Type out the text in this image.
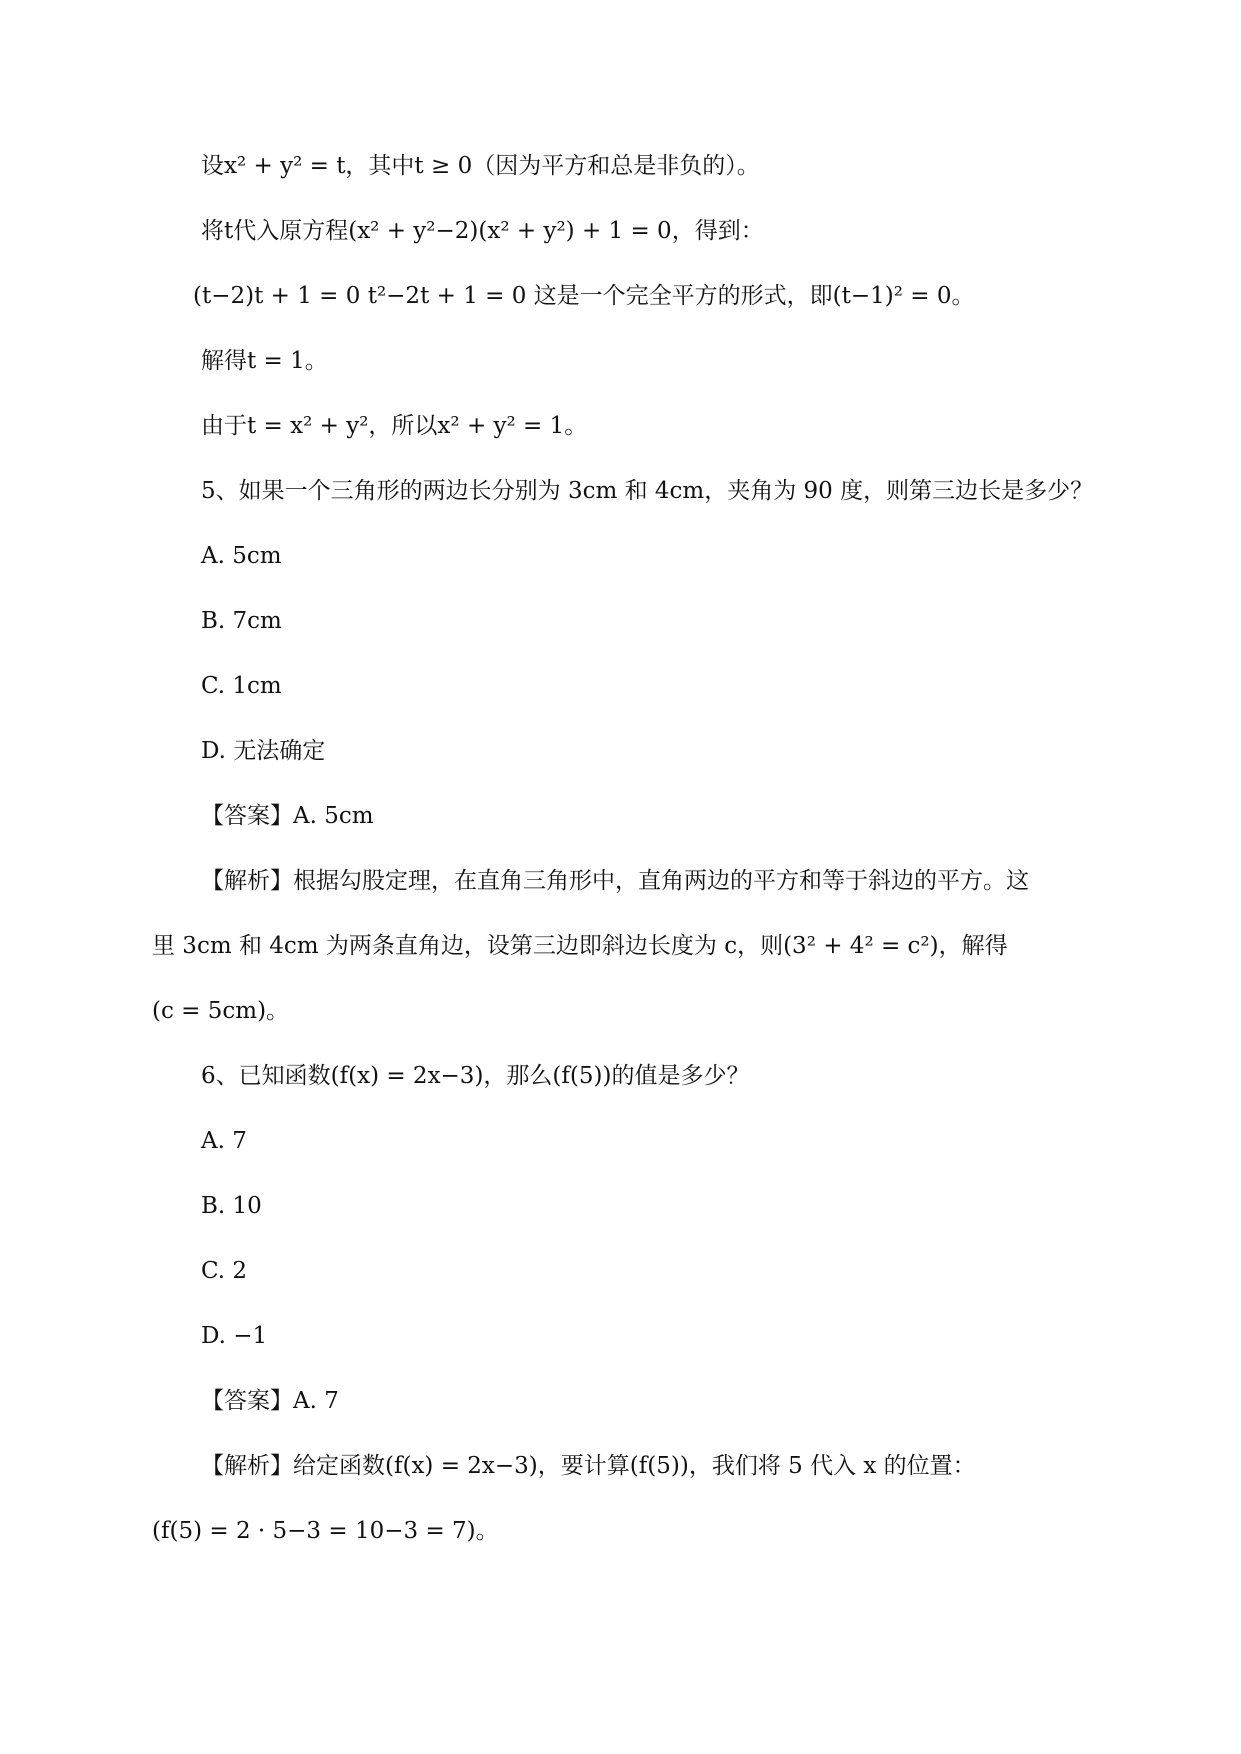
设x² + y² = t，其中t ≥ 0（因为平方和总是非负的）。
将t代入原方程(x² + y²−2)(x² + y²) + 1 = 0，得到：
(t−2)t + 1 = 0 t²−2t + 1 = 0 这是一个完全平方的形式，即(t−1)² = 0。
解得t = 1。
由于t = x² + y²，所以x² + y² = 1。
5、如果一个三角形的两边长分别为 3cm 和 4cm，夹角为 90 度，则第三边长是多少？
A. 5cm
B. 7cm
C. 1cm
D. 无法确定
【答案】A. 5cm
【解析】根据勾股定理，在直角三角形中，直角两边的平方和等于斜边的平方。这
里 3cm 和 4cm 为两条直角边，设第三边即斜边长度为 c，则(3² + 4² = c²)，解得
(c = 5cm)。
6、已知函数(f(x) = 2x−3)，那么(f(5))的值是多少？
A. 7
B. 10
C. 2
D. −1
【答案】A. 7
【解析】给定函数(f(x) = 2x−3)，要计算(f(5))，我们将 5 代入 x 的位置：
(f(5) = 2 · 5−3 = 10−3 = 7)。
